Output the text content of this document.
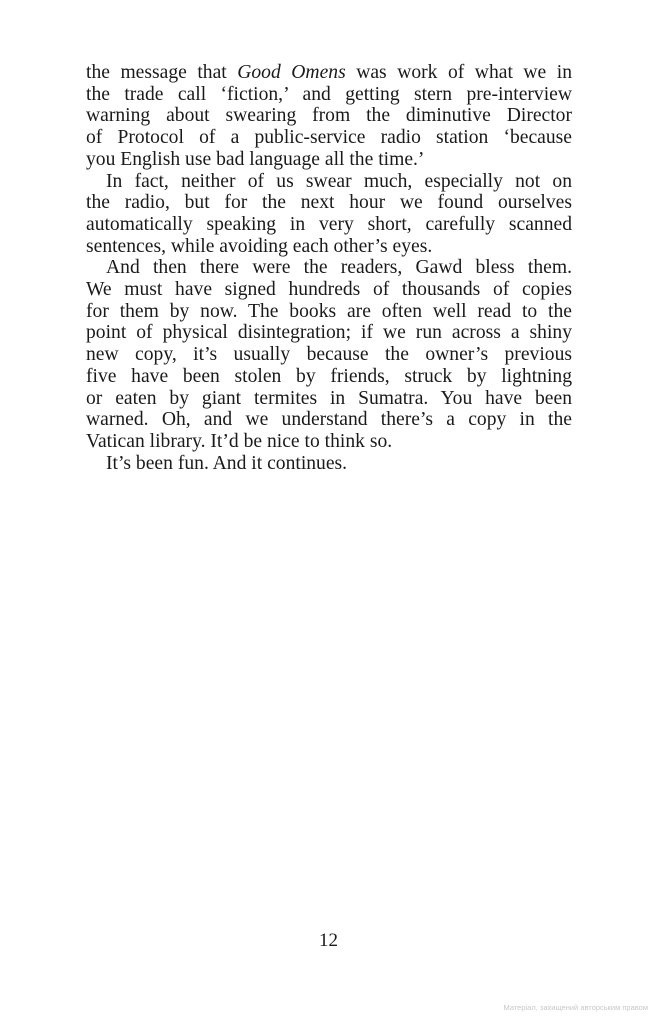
the message that Good Omens was work of what we in
the trade call ‘fiction,’ and getting stern pre-interview
warning about swearing from the diminutive Director
of Protocol of a public-service radio station ‘because
you English use bad language all the time.’

In fact, neither of us swear much, especially not on
the radio, but for the next hour we found ourselves
automatically speaking in very short, carefully scanned
sentences, while avoiding each other’s eyes.

And then there were the readers, Gawd bless them.
We must have signed hundreds of thousands of copies
for them by now. The books are often well read to the
point of physical disintegration; if we run across a shiny
new copy, it’s usually because the owner’s previous
five have been stolen by friends, struck by lightning
or eaten by giant termites in Sumatra. You have been
warned. Oh, and we understand there’s a copy in the
Vatican library. It’d be nice to think so.

It’s been fun. And it continues.

12
Матеріал, захищений авторським правом
